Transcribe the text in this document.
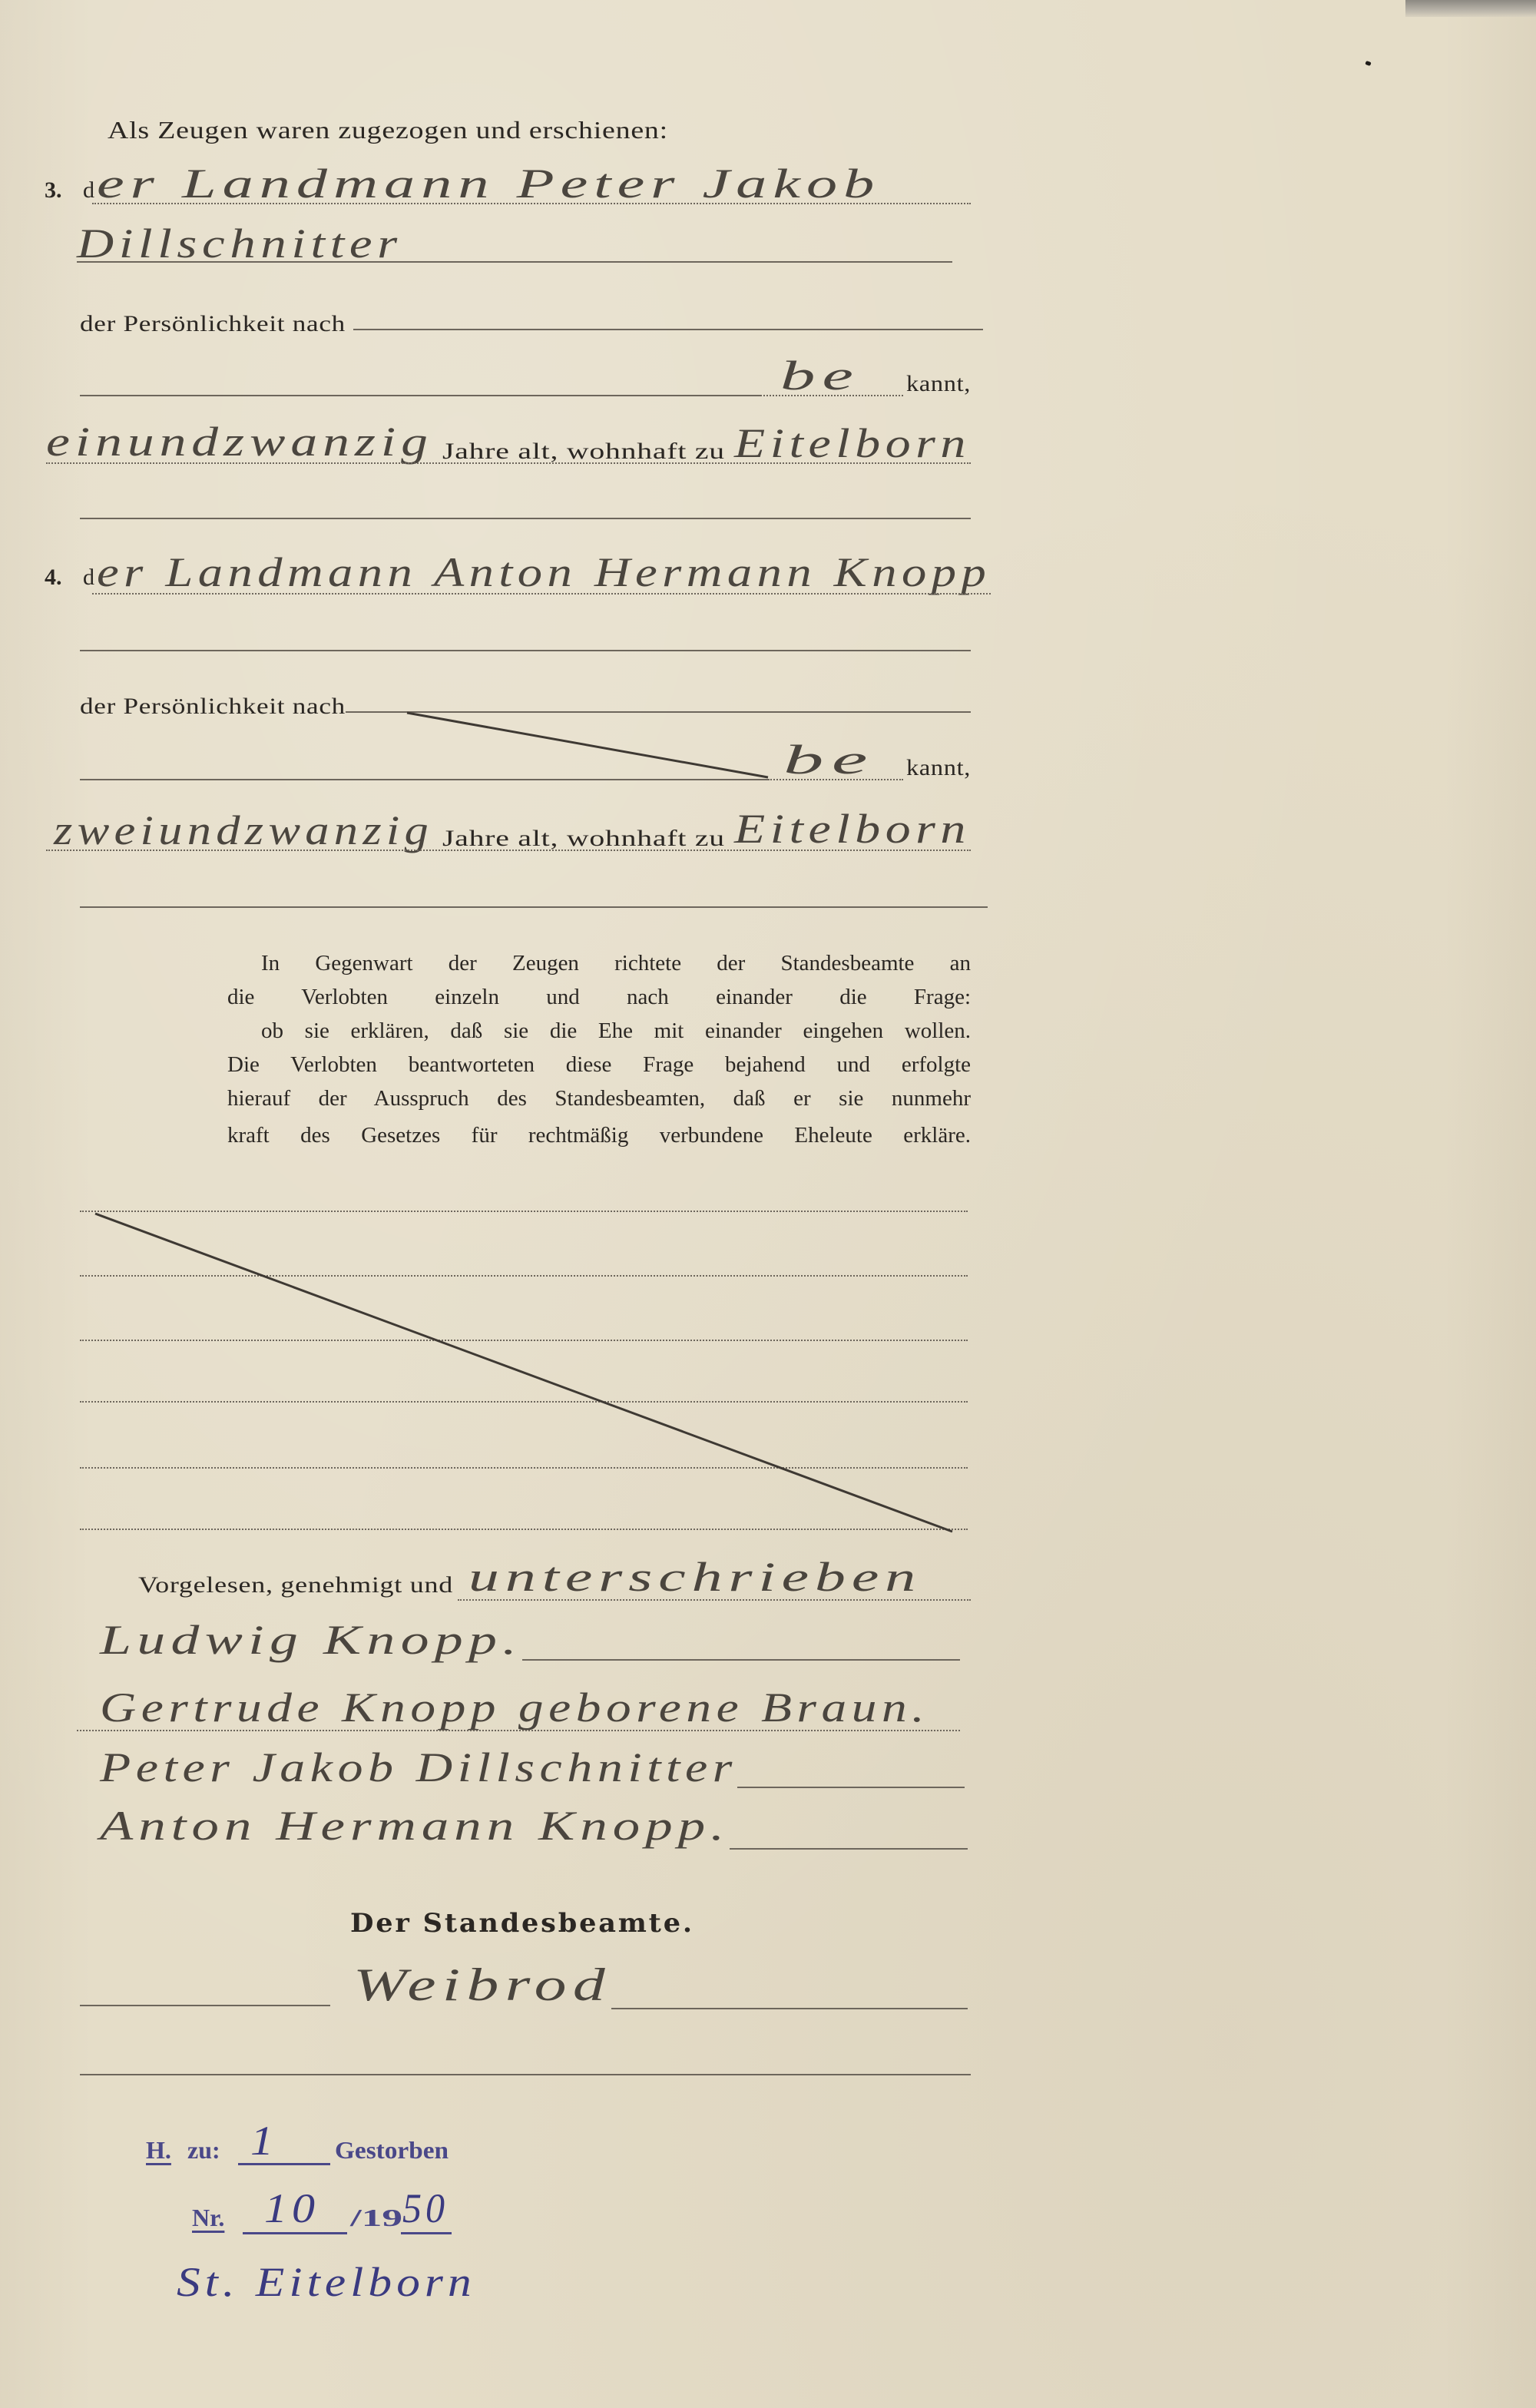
Als Zeugen waren zugezogen und erschienen:

3. d er Landmann Peter Jakob
Dillschnitter
der Persönlichkeit nach
be kannt,
einundzwanzig Jahre alt, wohnhaft zu Eitelborn
4. d er Landmann Anton Hermann Knopp
der Persönlichkeit nach
be kannt,
zweiundzwanzig Jahre alt, wohnhaft zu Eitelborn

In Gegenwart der Zeugen richtete der Standesbeamte an

die Verlobten einzeln und nach einander die Frage:

ob sie erklären, daß sie die Ehe mit einander eingehen wollen.

Die Verlobten beantworteten diese Frage bejahend und erfolgte

hierauf der Ausspruch des Standesbeamten, daß er sie nunmehr

kraft des Gesetzes für rechtmäßig verbundene Eheleute erkläre.

Vorgelesen, genehmigt und unterschrieben
Ludwig Knopp.
Gertrude Knopp geborene Braun.
Peter Jakob Dillschnitter
Anton Hermann Knopp.
Der Standesbeamte.
Weibrod
H. zu: 1 Gestorben
Nr. 10 /19 50
St. Eitelborn
